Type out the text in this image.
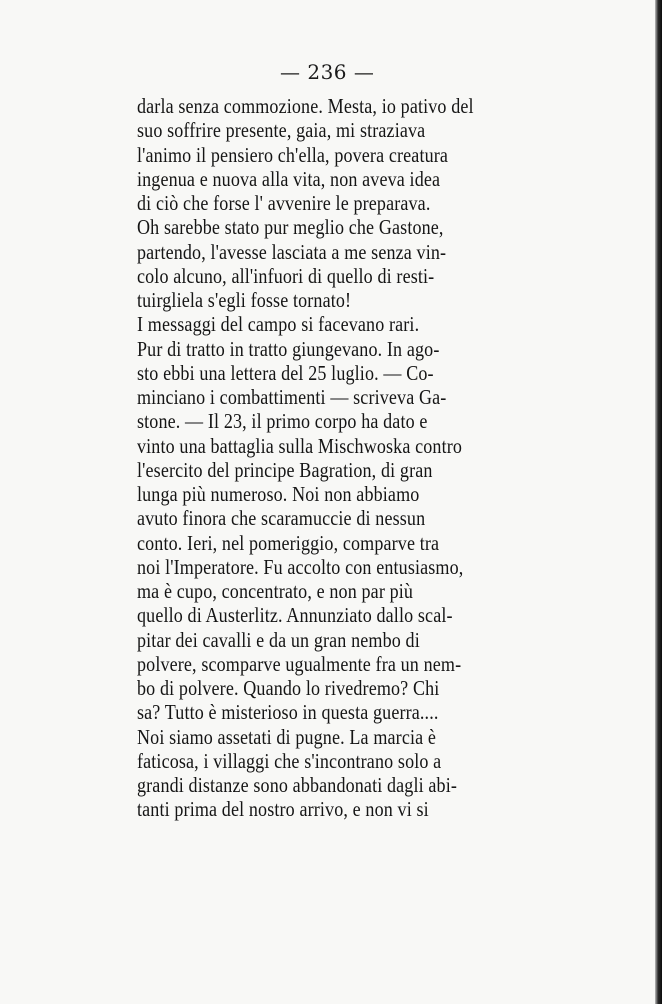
— 236 —
darla senza commozione. Mesta, io pativo del
suo soffrire presente, gaia, mi straziava
l'animo il pensiero ch'ella, povera creatura
ingenua e nuova alla vita, non aveva idea
di ciò che forse l' avvenire le preparava.
Oh sarebbe stato pur meglio che Gastone,
partendo, l'avesse lasciata a me senza vin-
colo alcuno, all'infuori di quello di resti-
tuirgliela s'egli fosse tornato!
I messaggi del campo si facevano rari.
Pur di tratto in tratto giungevano. In ago-
sto ebbi una lettera del 25 luglio. — Co-
minciano i combattimenti — scriveva Ga-
stone. — Il 23, il primo corpo ha dato e
vinto una battaglia sulla Mischwoska contro
l'esercito del principe Bagration, di gran
lunga più numeroso. Noi non abbiamo
avuto finora che scaramuccie di nessun
conto. Ieri, nel pomeriggio, comparve tra
noi l'Imperatore. Fu accolto con entusiasmo,
ma è cupo, concentrato, e non par più
quello di Austerlitz. Annunziato dallo scal-
pitar dei cavalli e da un gran nembo di
polvere, scomparve ugualmente fra un nem-
bo di polvere. Quando lo rivedremo? Chi
sa? Tutto è misterioso in questa guerra....
Noi siamo assetati di pugne. La marcia è
faticosa, i villaggi che s'incontrano solo a
grandi distanze sono abbandonati dagli abi-
tanti prima del nostro arrivo, e non vi si
